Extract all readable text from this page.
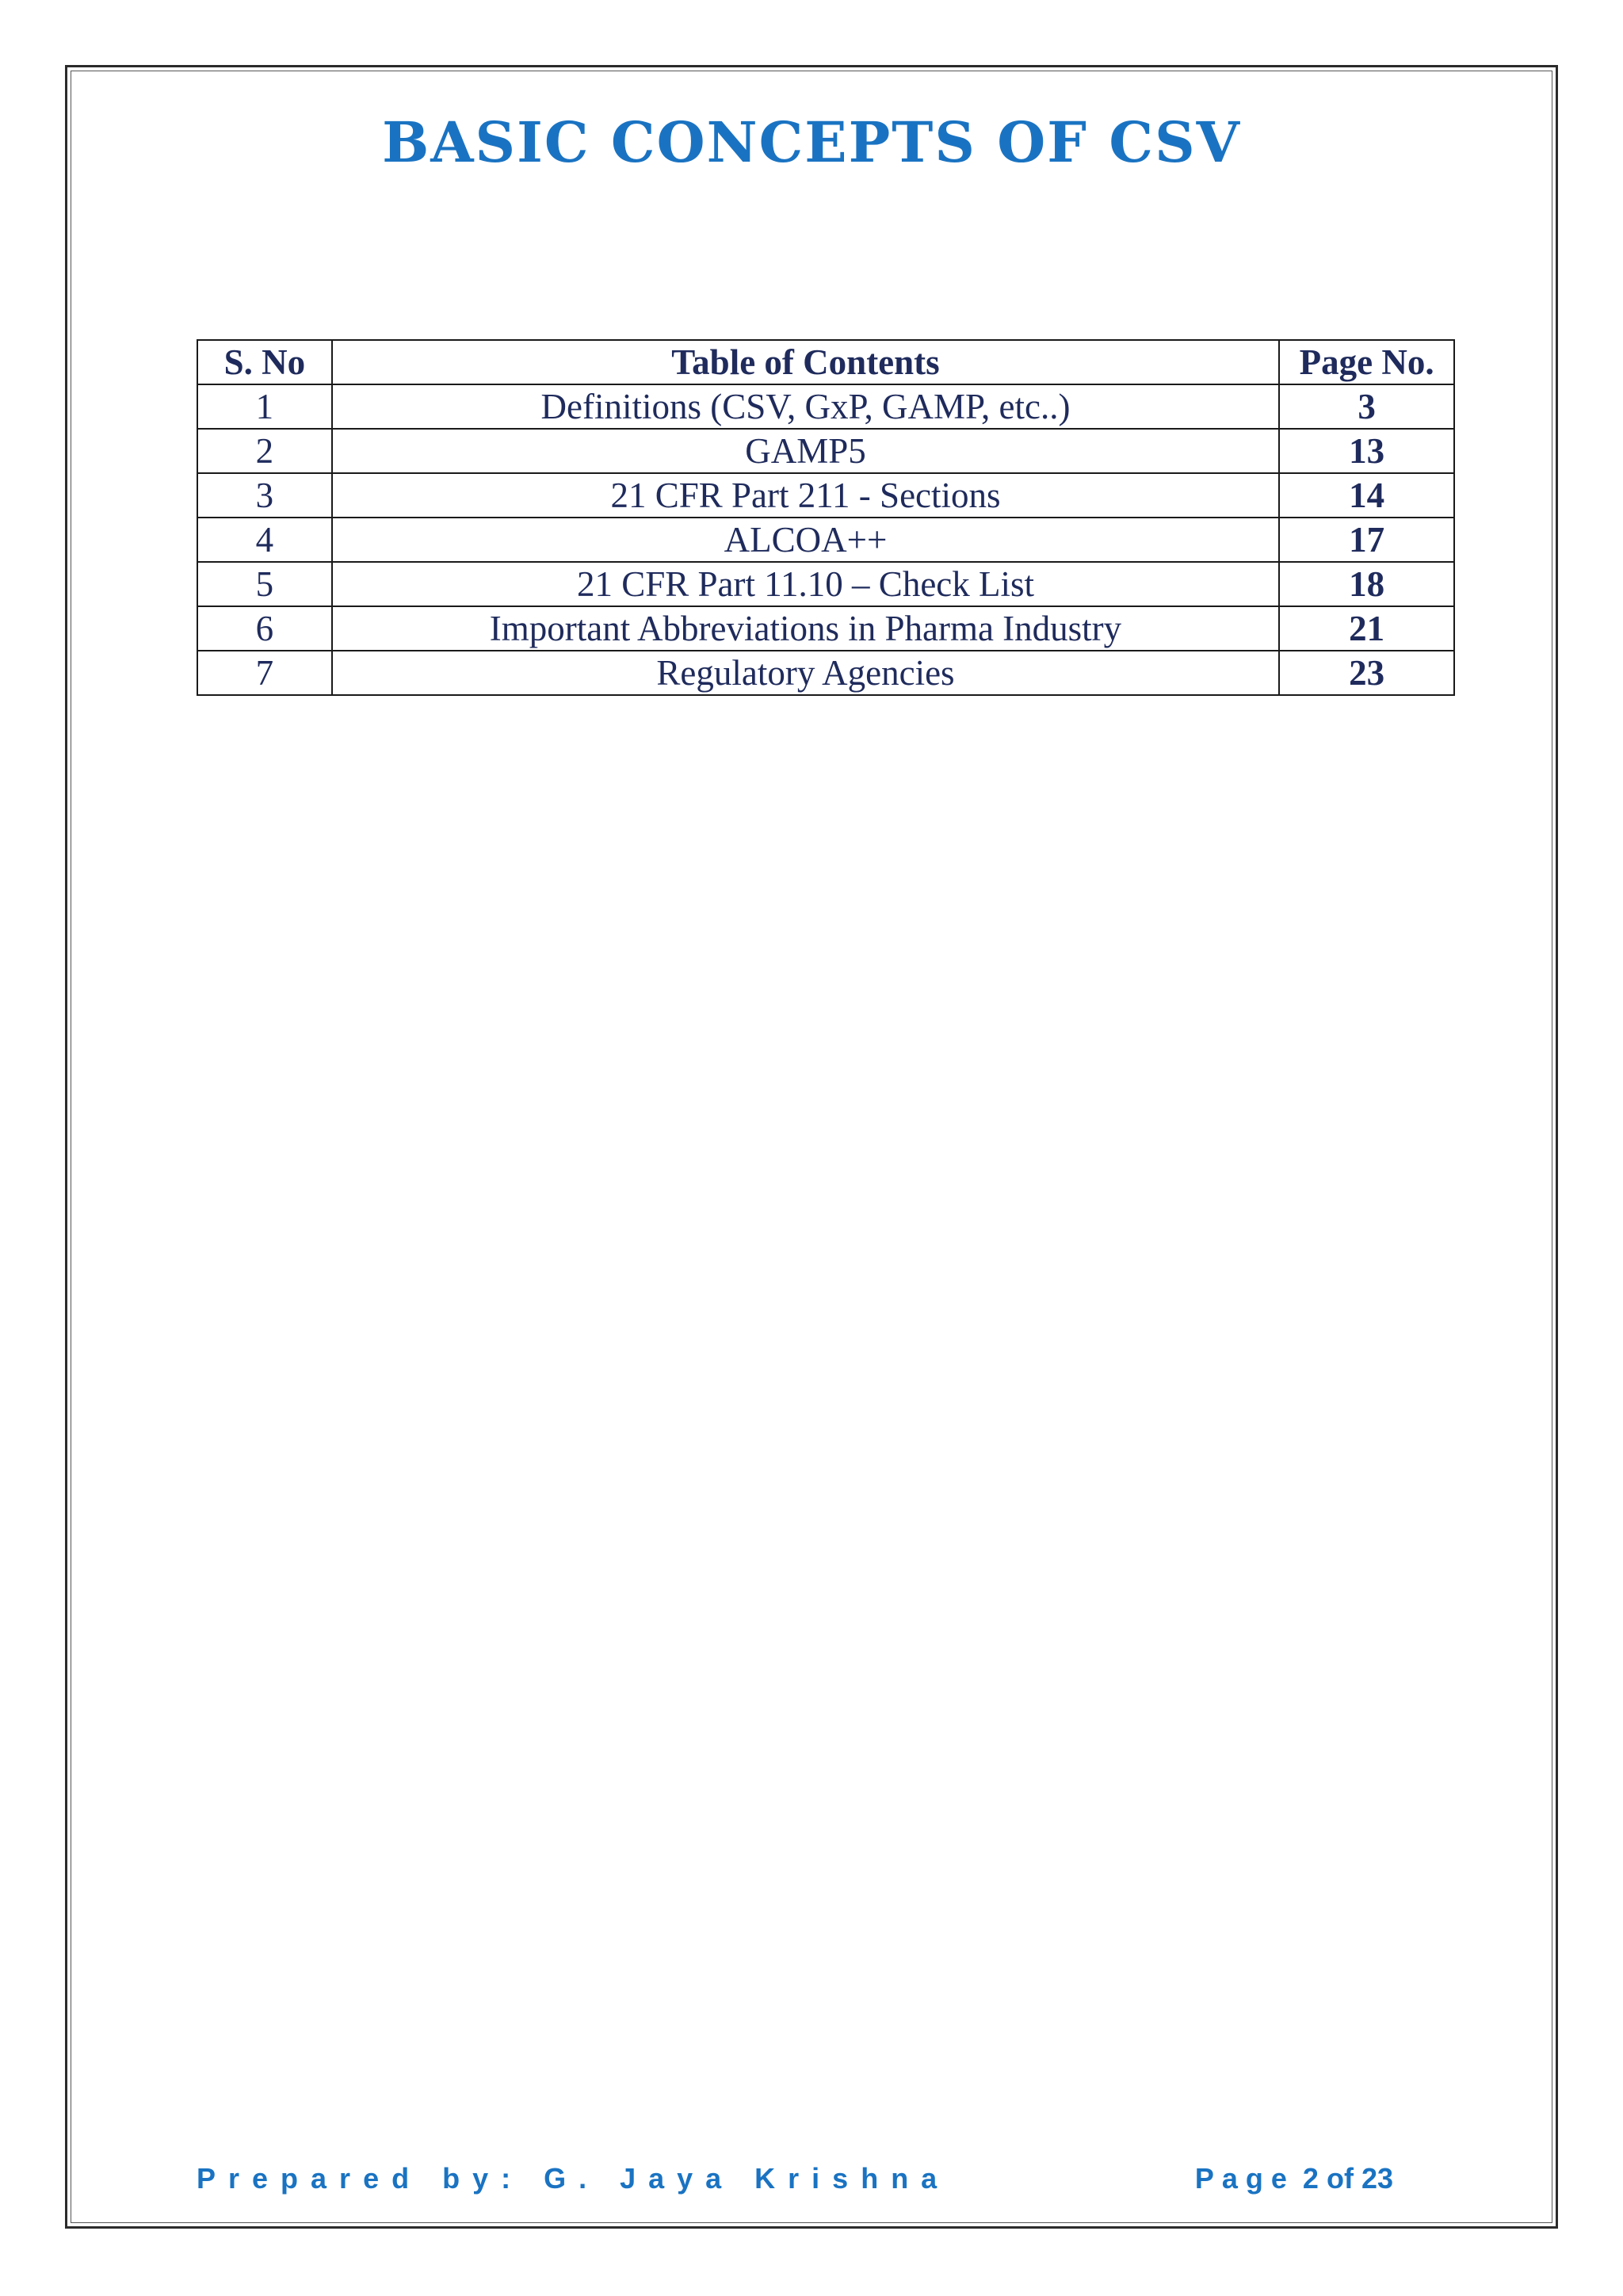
BASIC CONCEPTS OF CSV
S. No	Table of Contents	Page No.
1	Definitions (CSV, GxP, GAMP, etc..)	3
2	GAMP5	13
3	21 CFR Part 211 - Sections	14
4	ALCOA++	17
5	21 CFR Part 11.10 – Check List	18
6	Important Abbreviations in Pharma Industry	21
7	Regulatory Agencies	23
Prepared by: G. Jaya Krishna	Page 2 of 23
